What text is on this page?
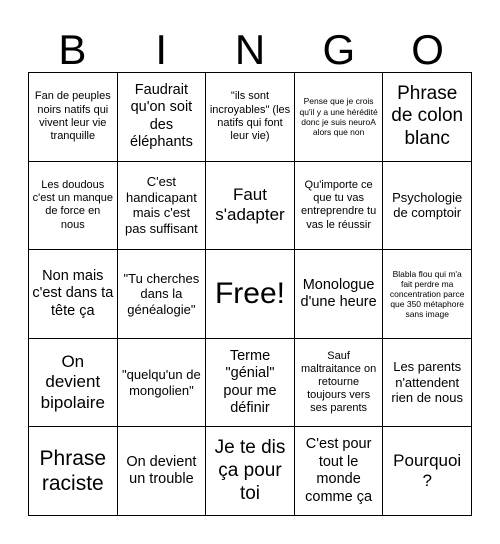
B	I	N	G	O
Fan de peuples noirs natifs qui vivent leur vie tranquille
Faudrait qu'on soit des éléphants
"ils sont incroyables" (les natifs qui font leur vie)
Pense que je crois qu'il y a une hérédité donc je suis neuroA alors que non
Phrase de colon blanc
Les doudous c'est un manque de force en nous
C'est handicapant mais c'est pas suffisant
Faut s'adapter
Qu'importe ce que tu vas entreprendre tu vas le réussir
Psychologie de comptoir
Non mais c'est dans ta tête ça
"Tu cherches dans la généalogie" Free!	Monologue d'une heure
Blabla flou qui m'a fait perdre ma concentration parce que 350 métaphore sans image
On devient bipolaire
"quelqu'un de mongolien"
Terme "génial" pour me définir
Sauf maltraitance on retourne toujours vers ses parents
Les parents n'attendent rien de nous
Phrase raciste
On devient un trouble
Je te dis ça pour toi
C'est pour tout le monde comme ça
Pourquoi ?
